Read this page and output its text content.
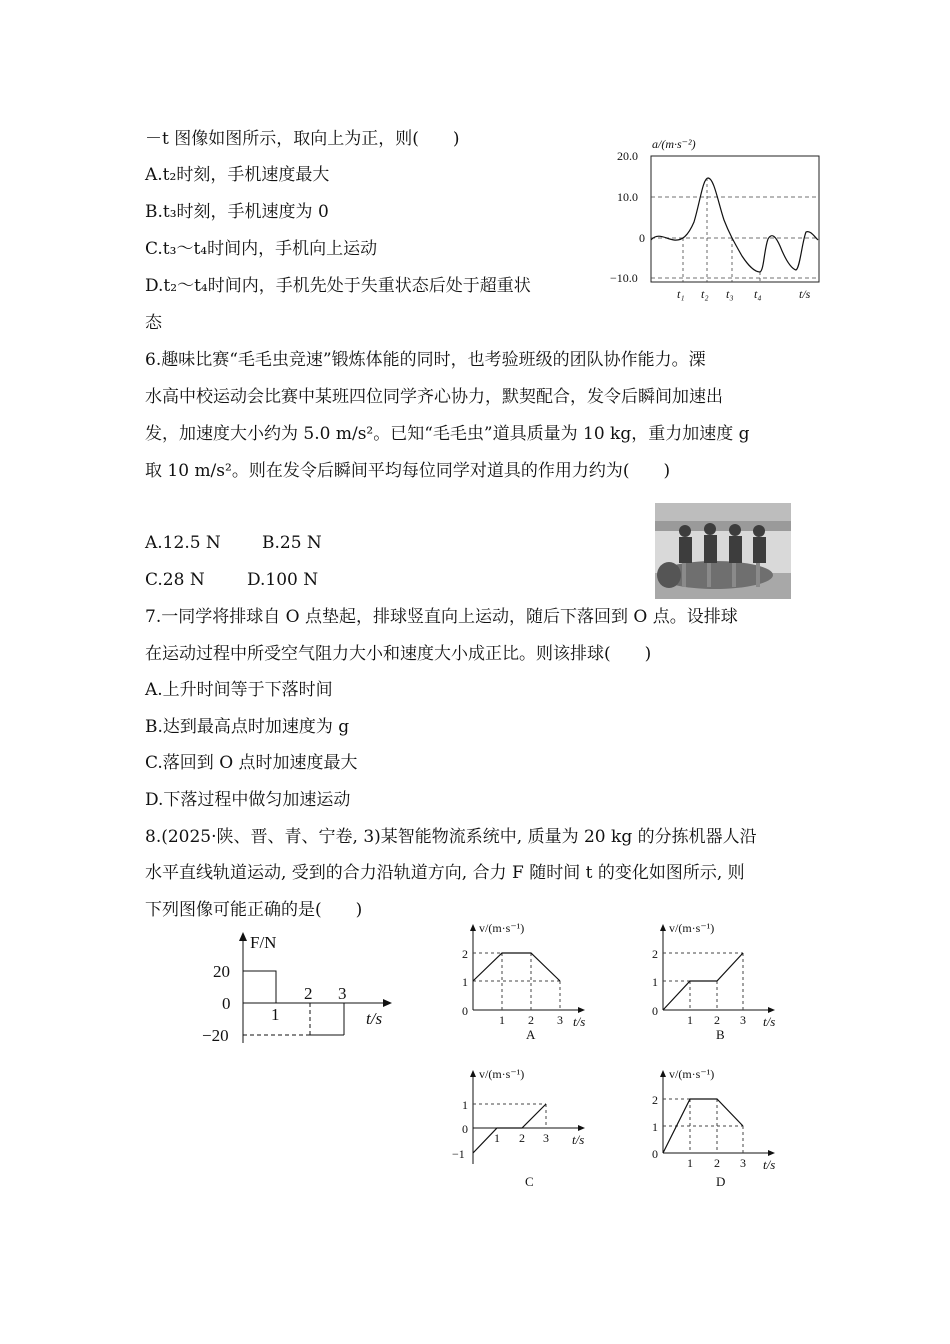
－t 图像如图所示，取向上为正，则(　　)
A.t₂时刻，手机速度最大
B.t₃时刻，手机速度为 0
C.t₃～t₄时间内，手机向上运动
D.t₂～t₄时间内，手机先处于失重状态后处于超重状
态
a/(m·s⁻²)
20.0
10.0
0
−10.0
t₁ t₂ t₃ t₄	t/s
6.趣味比赛“毛毛虫竞速”锻炼体能的同时，也考验班级的团队协作能力。溧
水高中校运动会比赛中某班四位同学齐心协力，默契配合，发令后瞬间加速出
发，加速度大小约为 5.0 m/s²。已知“毛毛虫”道具质量为 10 kg，重力加速度 g
取 10 m/s²。则在发令后瞬间平均每位同学对道具的作用力约为(　　)
A.12.5 N B.25 N
C.28 N D.100 N
7.一同学将排球自 O 点垫起，排球竖直向上运动，随后下落回到 O 点。设排球
在运动过程中所受空气阻力大小和速度大小成正比。则该排球(　　)
A.上升时间等于下落时间
B.达到最高点时加速度为 g
C.落回到 O 点时加速度最大
D.下落过程中做匀加速运动
8.(2025·陕、晋、青、宁卷, 3)某智能物流系统中, 质量为 20 kg 的分拣机器人沿
水平直线轨道运动, 受到的合力沿轨道方向, 合力 F 随时间 t 的变化如图所示, 则
下列图像可能正确的是(　　)
F/N
20
0
−20
1
2 3
t/s
v/(m·s⁻¹)
2
1
0
1 2 3 t/s
A
v/(m·s⁻¹)
2
1
0
1 2 3 t/s
B
v/(m·s⁻¹)
1
0
−1
1 2 3 t/s
C
v/(m·s⁻¹)
2
1
0
1 2 3 t/s
D
